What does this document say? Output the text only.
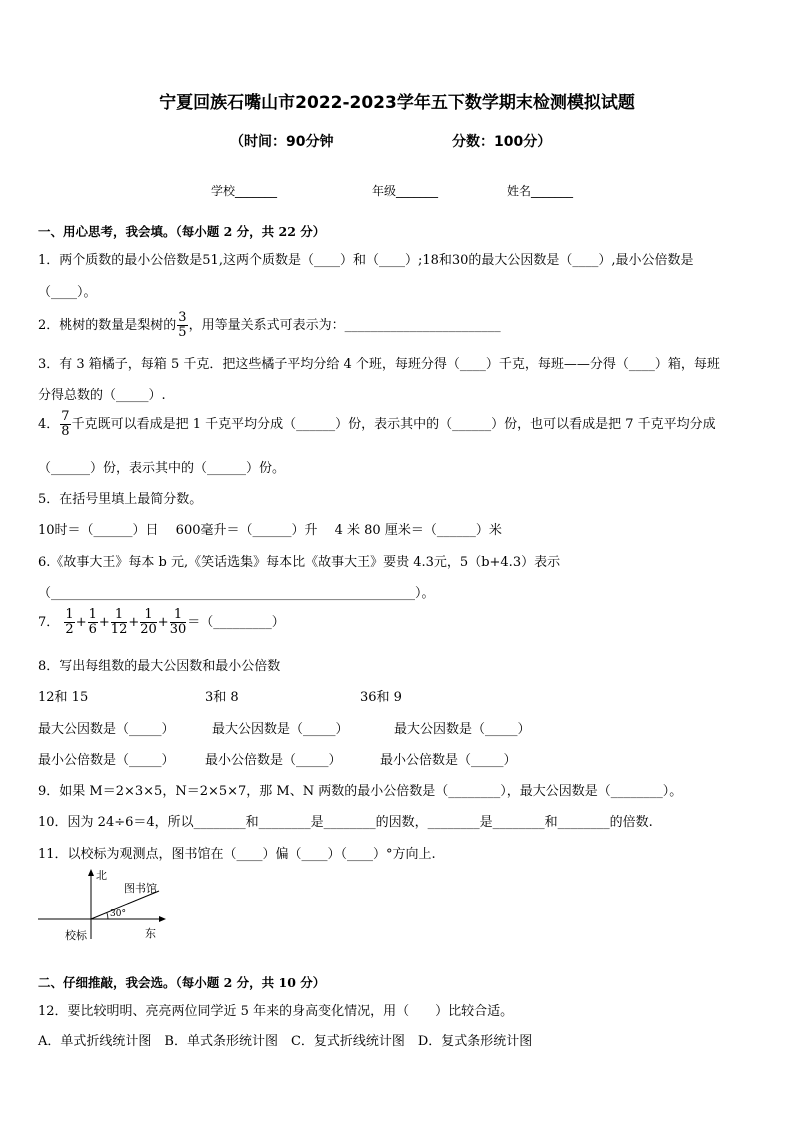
宁夏回族石嘴山市2022-2023学年五下数学期末检测模拟试题
（时间：90分钟	分数：100分）
学校_______	年级_______	姓名_______
一、用心思考，我会填。（每小题 2 分，共 22 分）
1．两个质数的最小公倍数是51,这两个质数是（____）和（____）;18和30的最大公因数是（____）,最小公倍数是
（____）。
2．桃树的数量是梨树的 $\frac{3}{5}$ ，用等量关系式可表示为：________________________
3．有 3 箱橘子，每箱 5 千克．把这些橘子平均分给 4 个班，每班分得（____）千克，每班——分得（____）箱，每班
分得总数的（_____）.
4． $\frac{7}{8}$ 千克既可以看成是把 1 千克平均分成（______）份，表示其中的（______）份，也可以看成是把 7 千克平均分成
（______）份，表示其中的（______）份。
5．在括号里填上最简分数。
10时＝（______）日　 600毫升＝（______）升　 4 米 80 厘米＝（______）米
6.《故事大王》每本 b 元,《笑话选集》每本比《故事大王》要贵 4.3元，5（b+4.3）表示
（________________________________________________________）。
7． $\frac{1}{2} + \frac{1}{6} + \frac{1}{12} + \frac{1}{20} + \frac{1}{30}$ ＝（_________）
8．写出每组数的最大公因数和最小公倍数
12和 15	3和 8	36和 9
最大公因数是（_____）	最大公因数是（_____）	最大公因数是（_____）
最小公倍数是（_____） 最小公倍数是（_____）	最小公倍数是（_____）
9．如果 M＝2×3×5，N＝2×5×7，那 M、N 两数的最小公倍数是（________），最大公因数是（________）。
10．因为 24÷6＝4，所以________和________是________的因数，________是________和________的倍数.
11．以校标为观测点，图书馆在（____）偏（____）（____）°方向上.
北
图书馆
30°
校标	东
二、仔细推敲，我会选。（每小题 2 分，共 10 分）
12．要比较明明、亮亮两位同学近 5 年来的身高变化情况，用（　　）比较合适。
A．单式折线统计图　B．单式条形统计图　C．复式折线统计图　D．复式条形统计图
